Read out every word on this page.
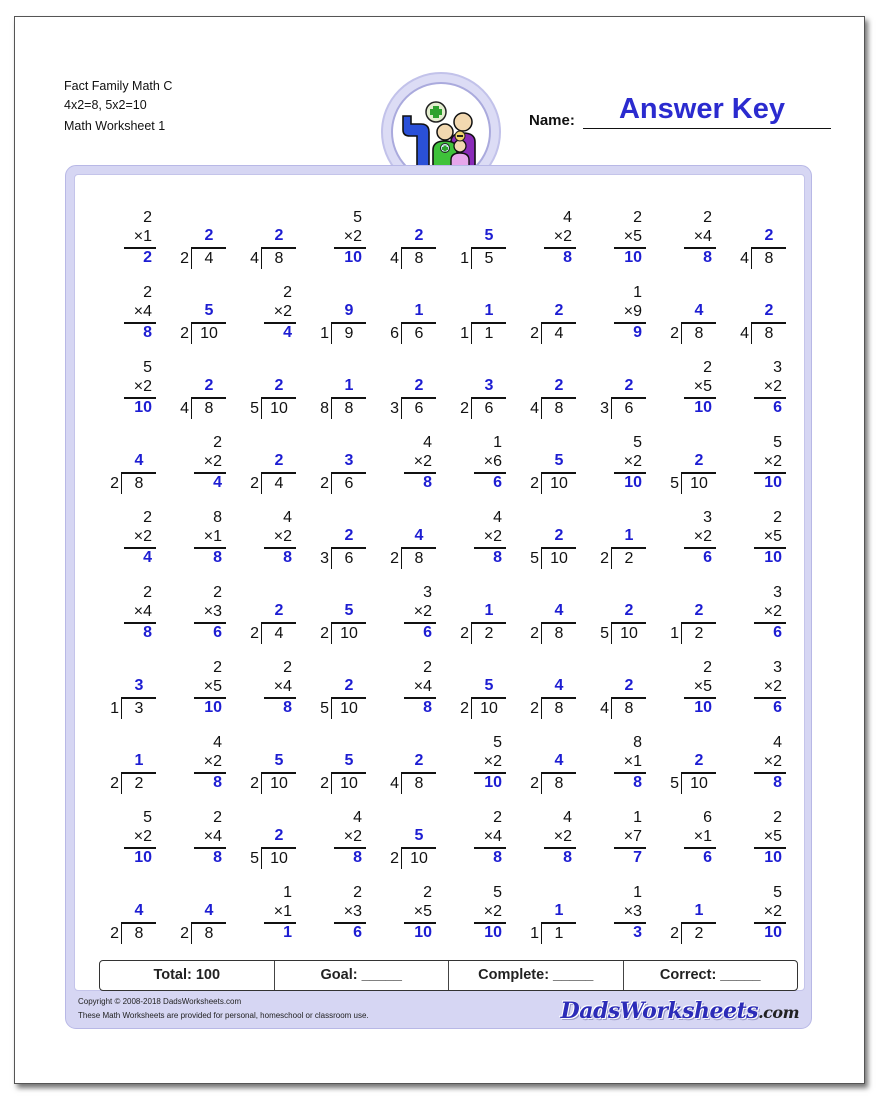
Fact Family Math C
4x2=8, 5x2=10
Math Worksheet 1	Name:	Answer Key
2
×1
2
2
2 4
2
4 8
5
×2
10
2
4 8
5
1 5
4
×2
8
2
×5
10
2
×4
8
2
4 8
2
×4
8
5
2 10
2
×2
4
9
1 9
1
6 6
1
1 1
2
2 4
1
×9
9
4
2 8
2
4 8
5
×2
10
2
4 8
2
5 10
1
8 8
2
3 6
3
2 6
2
4 8
2
3 6
2
×5
10
3
×2
6
4
2 8
2
×2
4
2
2 4
3
2 6
4
×2
8
1
×6
6
5
2 10
5
×2
10
2
5 10
5
×2
10
2
×2
4
8
×1
8
4
×2
8
2
3 6
4
2 8
4
×2
8
2
5 10
1
2 2
3
×2
6
2
×5
10
2
×4
8
2
×3
6
2
2 4
5
2 10
3
×2
6
1
2 2
4
2 8
2
5 10
2
1 2
3
×2
6
3
1 3
2
×5
10
2
×4
8
2
5 10
2
×4
8
5
2 10
4
2 8
2
4 8
2
×5
10
3
×2
6
1
2 2
4
×2
8
5
2 10
5
2 10
2
4 8
5
×2
10
4
2 8
8
×1
8
2
5 10
4
×2
8
5
×2
10
2
×4
8
2
5 10
4
×2
8
5
2 10
2
×4
8
4
×2
8
1
×7
7
6
×1
6
2
×5
10
4
2 8
4
2 8
1
×1
1
2
×3
6
2
×5
10
5
×2
10
1
1 1
1
×3
3
1
2 2
5
×2
10
Total: 100	Goal: _____	Complete: _____	Correct: _____
Copyright © 2008-2018 DadsWorksheets.com
These Math Worksheets are provided for personal, homeschool or classroom use.	DadsWorksheets.com
